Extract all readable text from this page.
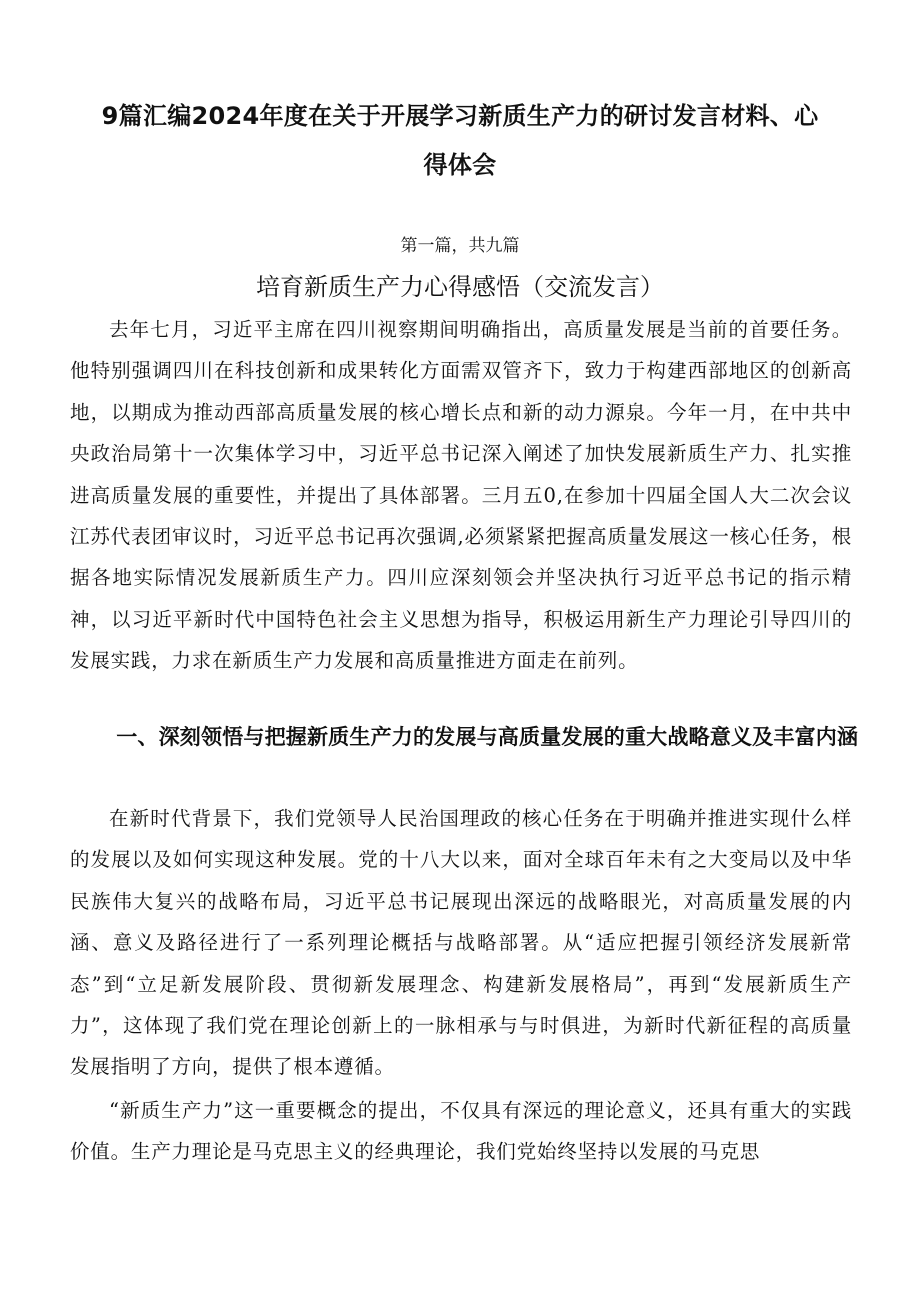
9篇汇编2024年度在关于开展学习新质生产力的研讨发言材料、心得体会
第一篇，共九篇
培育新质生产力心得感悟（交流发言）

去年七月，习近平主席在四川视察期间明确指出，高质量发展是当前的首要任务。他特别强调四川在科技创新和成果转化方面需双管齐下，致力于构建西部地区的创新高地，以期成为推动西部高质量发展的核心增长点和新的动力源泉。今年一月，在中共中央政治局第十一次集体学习中，习近平总书记深入阐述了加快发展新质生产力、扎实推进高质量发展的重要性，并提出了具体部署。三月五0,在参加十四届全国人大二次会议江苏代表团审议时，习近平总书记再次强调,必须紧紧把握高质量发展这一核心任务，根据各地实际情况发展新质生产力。四川应深刻领会并坚决执行习近平总书记的指示精神，以习近平新时代中国特色社会主义思想为指导，积极运用新生产力理论引导四川的发展实践，力求在新质生产力发展和高质量推进方面走在前列。

一、深刻领悟与把握新质生产力的发展与高质量发展的重大战略意义及丰富内涵

在新时代背景下，我们党领导人民治国理政的核心任务在于明确并推进实现什么样的发展以及如何实现这种发展。党的十八大以来，面对全球百年未有之大变局以及中华民族伟大复兴的战略布局，习近平总书记展现出深远的战略眼光，对高质量发展的内涵、意义及路径进行了一系列理论概括与战略部署。从“适应把握引领经济发展新常态”到“立足新发展阶段、贯彻新发展理念、构建新发展格局”，再到“发展新质生产力”，这体现了我们党在理论创新上的一脉相承与与时俱进，为新时代新征程的高质量发展指明了方向，提供了根本遵循。

“新质生产力”这一重要概念的提出，不仅具有深远的理论意义，还具有重大的实践价值。生产力理论是马克思主义的经典理论，我们党始终坚持以发展的马克思
